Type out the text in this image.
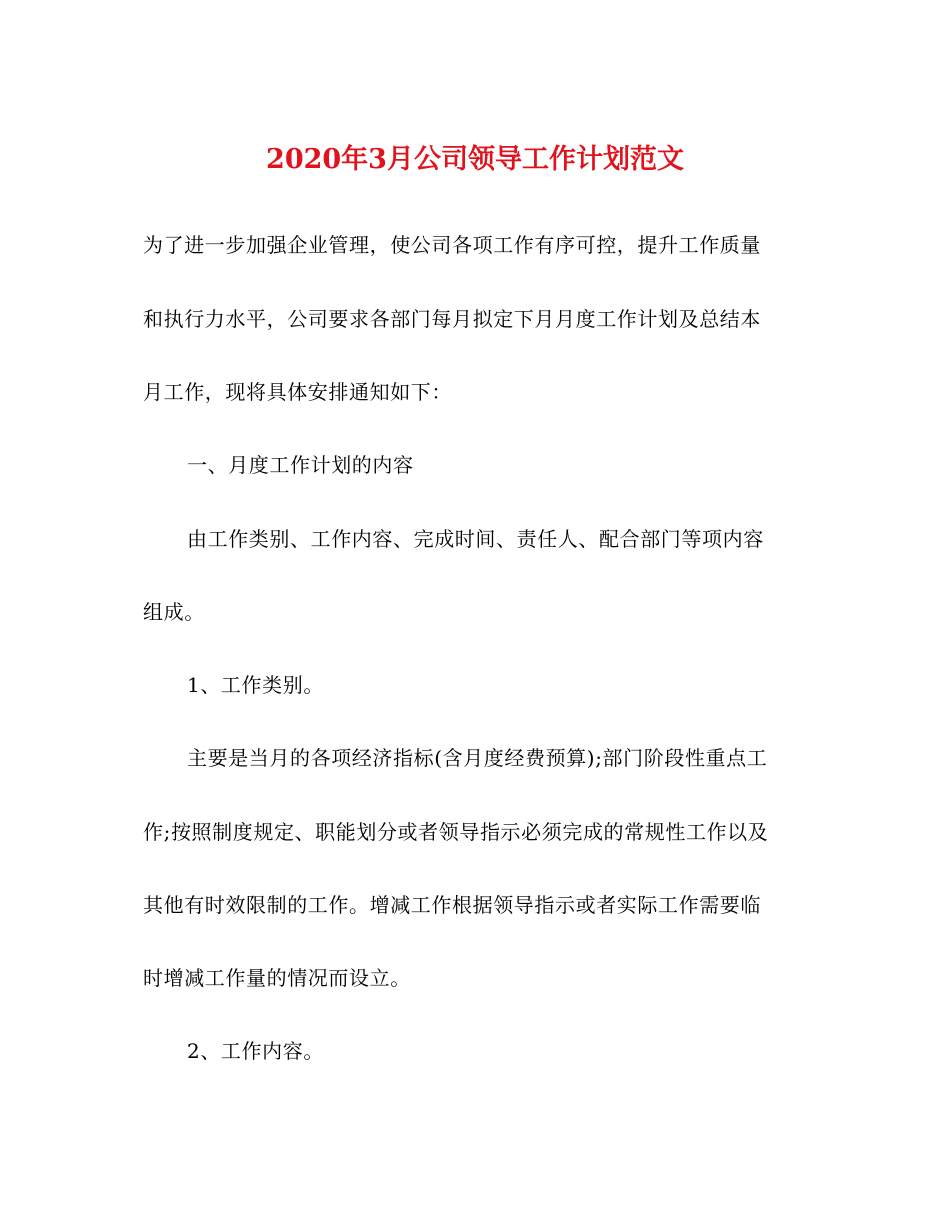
2020年3月公司领导工作计划范文
为了进一步加强企业管理，使公司各项工作有序可控，提升工作质量
和执行力水平，公司要求各部门每月拟定下月月度工作计划及总结本
月工作，现将具体安排通知如下：
一、月度工作计划的内容
由工作类别、工作内容、完成时间、责任人、配合部门等项内容
组成。
1、工作类别。
主要是当月的各项经济指标(含月度经费预算);部门阶段性重点工
作;按照制度规定、职能划分或者领导指示必须完成的常规性工作以及
其他有时效限制的工作。增减工作根据领导指示或者实际工作需要临
时增减工作量的情况而设立。
2、工作内容。
